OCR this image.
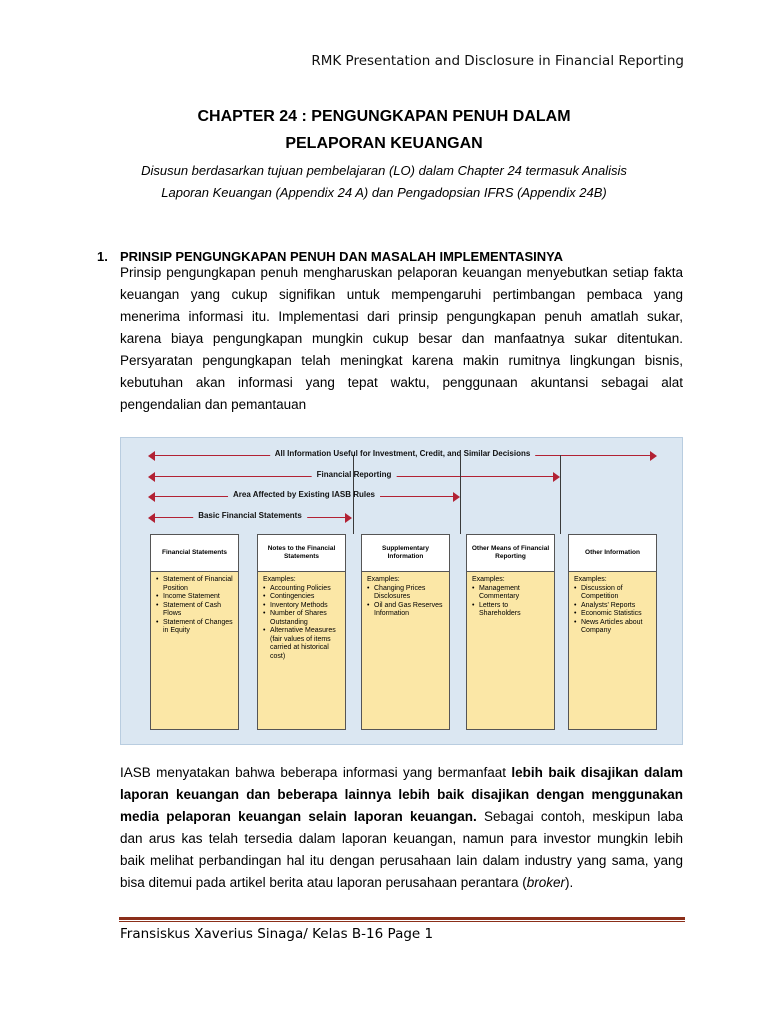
RMK Presentation and Disclosure in Financial Reporting
CHAPTER 24 : PENGUNGKAPAN PENUH DALAM
PELAPORAN KEUANGAN
Disusun berdasarkan tujuan pembelajaran (LO) dalam Chapter 24 termasuk Analisis
Laporan Keuangan (Appendix 24 A) dan Pengadopsian IFRS (Appendix 24B)
1. PRINSIP PENGUNGKAPAN PENUH DAN MASALAH IMPLEMENTASINYA
Prinsip pengungkapan penuh mengharuskan pelaporan keuangan menyebutkan setiap fakta
keuangan yang cukup signifikan untuk mempengaruhi pertimbangan pembaca yang
menerima informasi itu. Implementasi dari prinsip pengungkapan penuh amatlah sukar,
karena biaya pengungkapan mungkin cukup besar dan manfaatnya sukar ditentukan.
Persyaratan pengungkapan telah meningkat karena makin rumitnya lingkungan bisnis,
kebutuhan akan informasi yang tepat waktu, penggunaan akuntansi sebagai alat
pengendalian dan pemantauan
All Information Useful for Investment, Credit, and Similar Decisions
Financial Reporting
Area Affected by Existing IASB Rules
Basic Financial Statements
Financial Statements
• Statement of Financial Position
• Income Statement
• Statement of Cash Flows
• Statement of Changes in Equity
Notes to the Financial Statements
Examples:
• Accounting Policies
• Contingencies
• Inventory Methods
• Number of Shares Outstanding
• Alternative Measures (fair values of items carried at historical cost)
Supplementary Information
Examples:
• Changing Prices Disclosures
• Oil and Gas Reserves Information
Other Means of Financial Reporting
Examples:
• Management Commentary
• Letters to Shareholders
Other Information
Examples:
• Discussion of Competition
• Analysts' Reports
• Economic Statistics
• News Articles about Company
IASB menyatakan bahwa beberapa informasi yang bermanfaat lebih baik disajikan dalam
laporan keuangan dan beberapa lainnya lebih baik disajikan dengan menggunakan
media pelaporan keuangan selain laporan keuangan. Sebagai contoh, meskipun laba
dan arus kas telah tersedia dalam laporan keuangan, namun para investor mungkin lebih
baik melihat perbandingan hal itu dengan perusahaan lain dalam industry yang sama, yang
bisa ditemui pada artikel berita atau laporan perusahaan perantara (broker).
Fransiskus Xaverius Sinaga/ Kelas B-16 Page 1
